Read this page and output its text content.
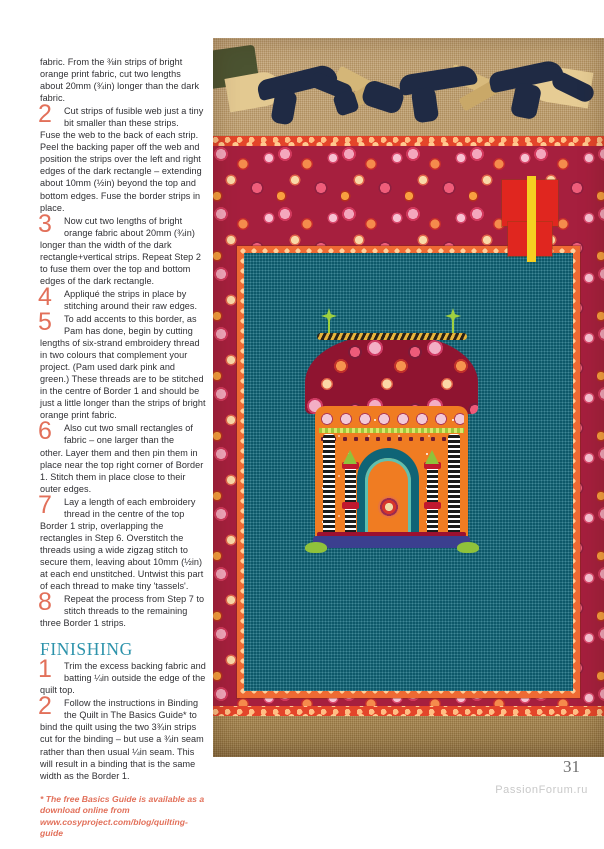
fabric. From the ⅜in strips of bright orange print fabric, cut two lengths about 20mm (¾in) longer than the dark fabric.

2	Cut strips of fusible web just a tiny bit smaller than these strips.
Fuse the web to the back of each strip. Peel the backing paper off the web and position the strips over the left and right edges of the dark rectangle – extending about 10mm (½in) beyond the top and bottom edges. Fuse the border strips in place.
3	Now cut two lengths of bright orange fabric about 20mm (¾in)
longer than the width of the dark rectangle+vertical strips. Repeat Step 2 to fuse them over the top and bottom edges of the dark rectangle.
4	Appliqué the strips in place by stitching around their raw edges.
5	To add accents to this border, as Pam has done, begin by cutting
lengths of six-strand embroidery thread in two colours that complement your project. (Pam used dark pink and green.) These threads are to be stitched in the centre of Border 1 and should be just a little longer than the strips of bright orange print fabric.
6	Also cut two small rectangles of fabric – one larger than the
other. Layer them and then pin them in place near the top right corner of Border 1. Stitch them in place close to their outer edges.
7	Lay a length of each embroidery thread in the centre of the top
Border 1 strip, overlapping the rectangles in Step 6. Overstitch the threads using a wide zigzag stitch to secure them, leaving about 10mm (½in) at each end unstitched. Untwist this part of each thread to make tiny 'tassels'.
8	Repeat the process from Step 7 to stitch threads to the remaining
three Border 1 strips.
FINISHING
1	Trim the excess backing fabric and batting ¼in outside the edge of the
quilt top.
2	Follow the instructions in Binding the Quilt in The Basics Guide* to
bind the quilt using the two 3¾in strips cut for the binding – but use a ¾in seam rather than then usual ¼in seam. This will result in a binding that is the same width as the Border 1.

* The free Basics Guide is available as a download online from www.cosyproject.com/blog/quilting-guide

31
PassionForum.ru
